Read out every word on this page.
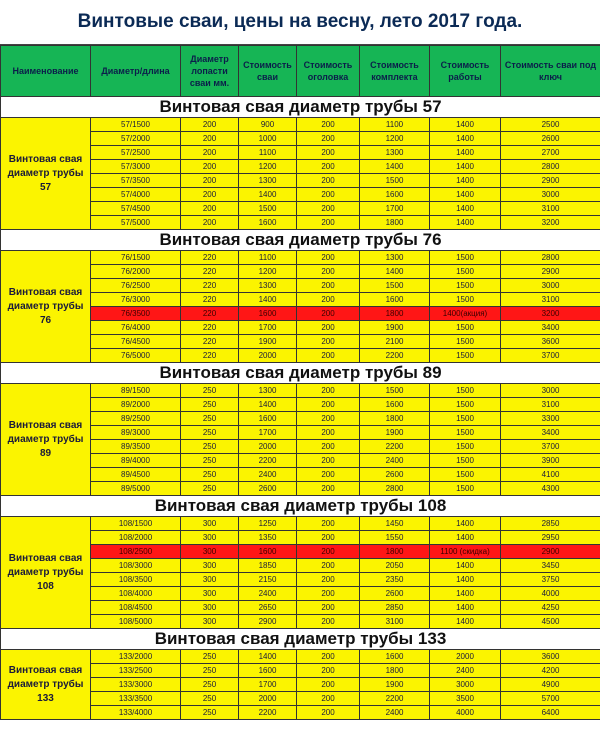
Винтовые сваи, цены на весну, лето 2017 года.
Наименование	Диаметр/длина	Диаметр лопасти сваи мм.	Стоимость сваи	Стоимость оголовка	Стоимость комплекта	Стоимость работы	Стоимость сваи под ключ
Винтовая свая диаметр трубы 57							
Винтовая свая диаметр трубы 57	57/1500	200	900	200	1100	1400	2500
	57/2000	200	1000	200	1200	1400	2600
	57/2500	200	1100	200	1300	1400	2700
	57/3000	200	1200	200	1400	1400	2800
	57/3500	200	1300	200	1500	1400	2900
	57/4000	200	1400	200	1600	1400	3000
	57/4500	200	1500	200	1700	1400	3100
	57/5000	200	1600	200	1800	1400	3200
Винтовая свая диаметр трубы 76							
Винтовая свая диаметр трубы 76	76/1500	220	1100	200	1300	1500	2800
	76/2000	220	1200	200	1400	1500	2900
	76/2500	220	1300	200	1500	1500	3000
	76/3000	220	1400	200	1600	1500	3100
	76/3500	220	1600	200	1800	1400(акция)	3200
	76/4000	220	1700	200	1900	1500	3400
	76/4500	220	1900	200	2100	1500	3600
	76/5000	220	2000	200	2200	1500	3700
Винтовая свая диаметр трубы 89							
Винтовая свая диаметр трубы 89	89/1500	250	1300	200	1500	1500	3000
	89/2000	250	1400	200	1600	1500	3100
	89/2500	250	1600	200	1800	1500	3300
	89/3000	250	1700	200	1900	1500	3400
	89/3500	250	2000	200	2200	1500	3700
	89/4000	250	2200	200	2400	1500	3900
	89/4500	250	2400	200	2600	1500	4100
	89/5000	250	2600	200	2800	1500	4300
Винтовая свая диаметр трубы 108							
Винтовая свая диаметр трубы 108	108/1500	300	1250	200	1450	1400	2850
	108/2000	300	1350	200	1550	1400	2950
	108/2500	300	1600	200	1800	1100 (скидка)	2900
	108/3000	300	1850	200	2050	1400	3450
	108/3500	300	2150	200	2350	1400	3750
	108/4000	300	2400	200	2600	1400	4000
	108/4500	300	2650	200	2850	1400	4250
	108/5000	300	2900	200	3100	1400	4500
Винтовая свая диаметр трубы 133							
Винтовая свая диаметр трубы 133	133/2000	250	1400	200	1600	2000	3600
	133/2500	250	1600	200	1800	2400	4200
	133/3000	250	1700	200	1900	3000	4900
	133/3500	250	2000	200	2200	3500	5700
	133/4000	250	2200	200	2400	4000	6400
